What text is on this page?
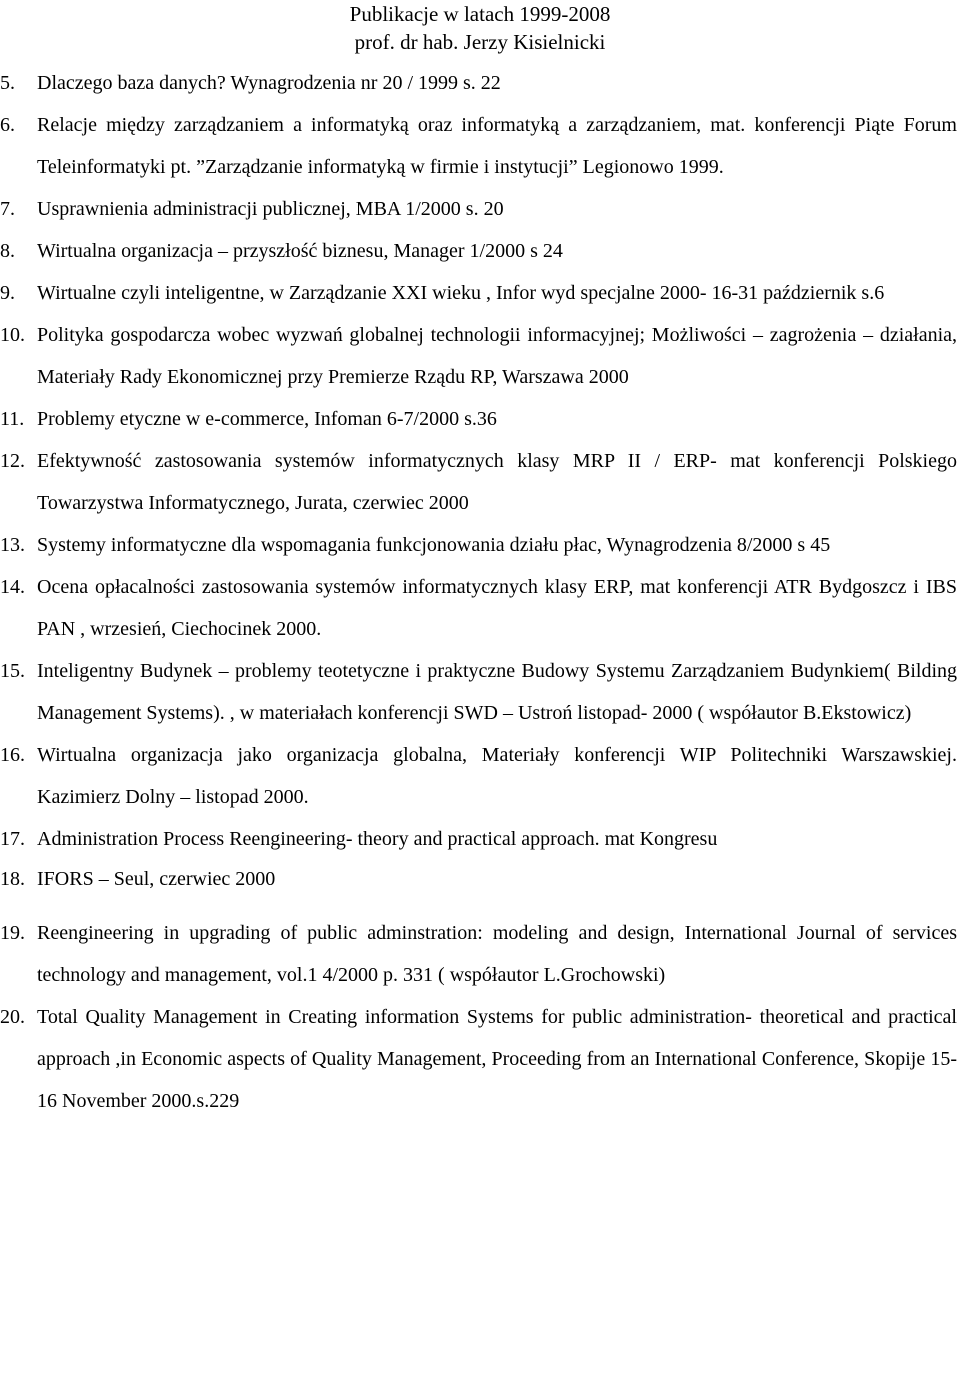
Publikacje w latach 1999-2008
prof. dr hab. Jerzy Kisielnicki
5.	Dlaczego baza danych? Wynagrodzenia nr 20 / 1999 s. 22
6.	Relacje między zarządzaniem a informatyką oraz informatyką a zarządzaniem, mat. konferencji Piąte Forum Teleinformatyki pt. ”Zarządzanie informatyką w firmie i instytucji” Legionowo 1999.
7.	Usprawnienia administracji publicznej, MBA 1/2000 s. 20
8.	Wirtualna organizacja – przyszłość biznesu, Manager 1/2000 s 24
9.	Wirtualne czyli inteligentne, w Zarządzanie XXI wieku , Infor wyd specjalne 2000- 16-31 październik s.6
10. Polityka gospodarcza wobec wyzwań globalnej technologii informacyjnej; Możliwości – zagrożenia – działania, Materiały Rady Ekonomicznej przy Premierze Rządu RP, Warszawa 2000
11. Problemy etyczne w e-commerce, Infoman 6-7/2000 s.36
12. Efektywność zastosowania systemów informatycznych klasy MRP II / ERP- mat konferencji Polskiego Towarzystwa Informatycznego, Jurata, czerwiec 2000
13. Systemy informatyczne dla wspomagania funkcjonowania działu płac, Wynagrodzenia 8/2000 s 45
14. Ocena opłacalności zastosowania systemów informatycznych klasy ERP, mat konferencji ATR Bydgoszcz i IBS PAN , wrzesień, Ciechocinek 2000.
15. Inteligentny Budynek – problemy teotetyczne i praktyczne Budowy Systemu Zarządzaniem Budynkiem( Bilding Management Systems). , w materiałach konferencji SWD – Ustroń listopad- 2000 ( współautor B.Ekstowicz)
16. Wirtualna organizacja jako organizacja globalna, Materiały konferencji WIP Politechniki Warszawskiej. Kazimierz Dolny – listopad 2000.
17. Administration Process Reengineering- theory and practical approach. mat Kongresu
18. IFORS – Seul, czerwiec 2000
19. Reengineering in upgrading of public adminstration: modeling and design, International Journal of services technology and management, vol.1 4/2000 p. 331 ( współautor L.Grochowski)
20. Total Quality Management in Creating information Systems for public administration- theoretical and practical approach ,in Economic aspects of Quality Management, Proceeding from an International Conference, Skopije 15-16 November 2000.s.229
